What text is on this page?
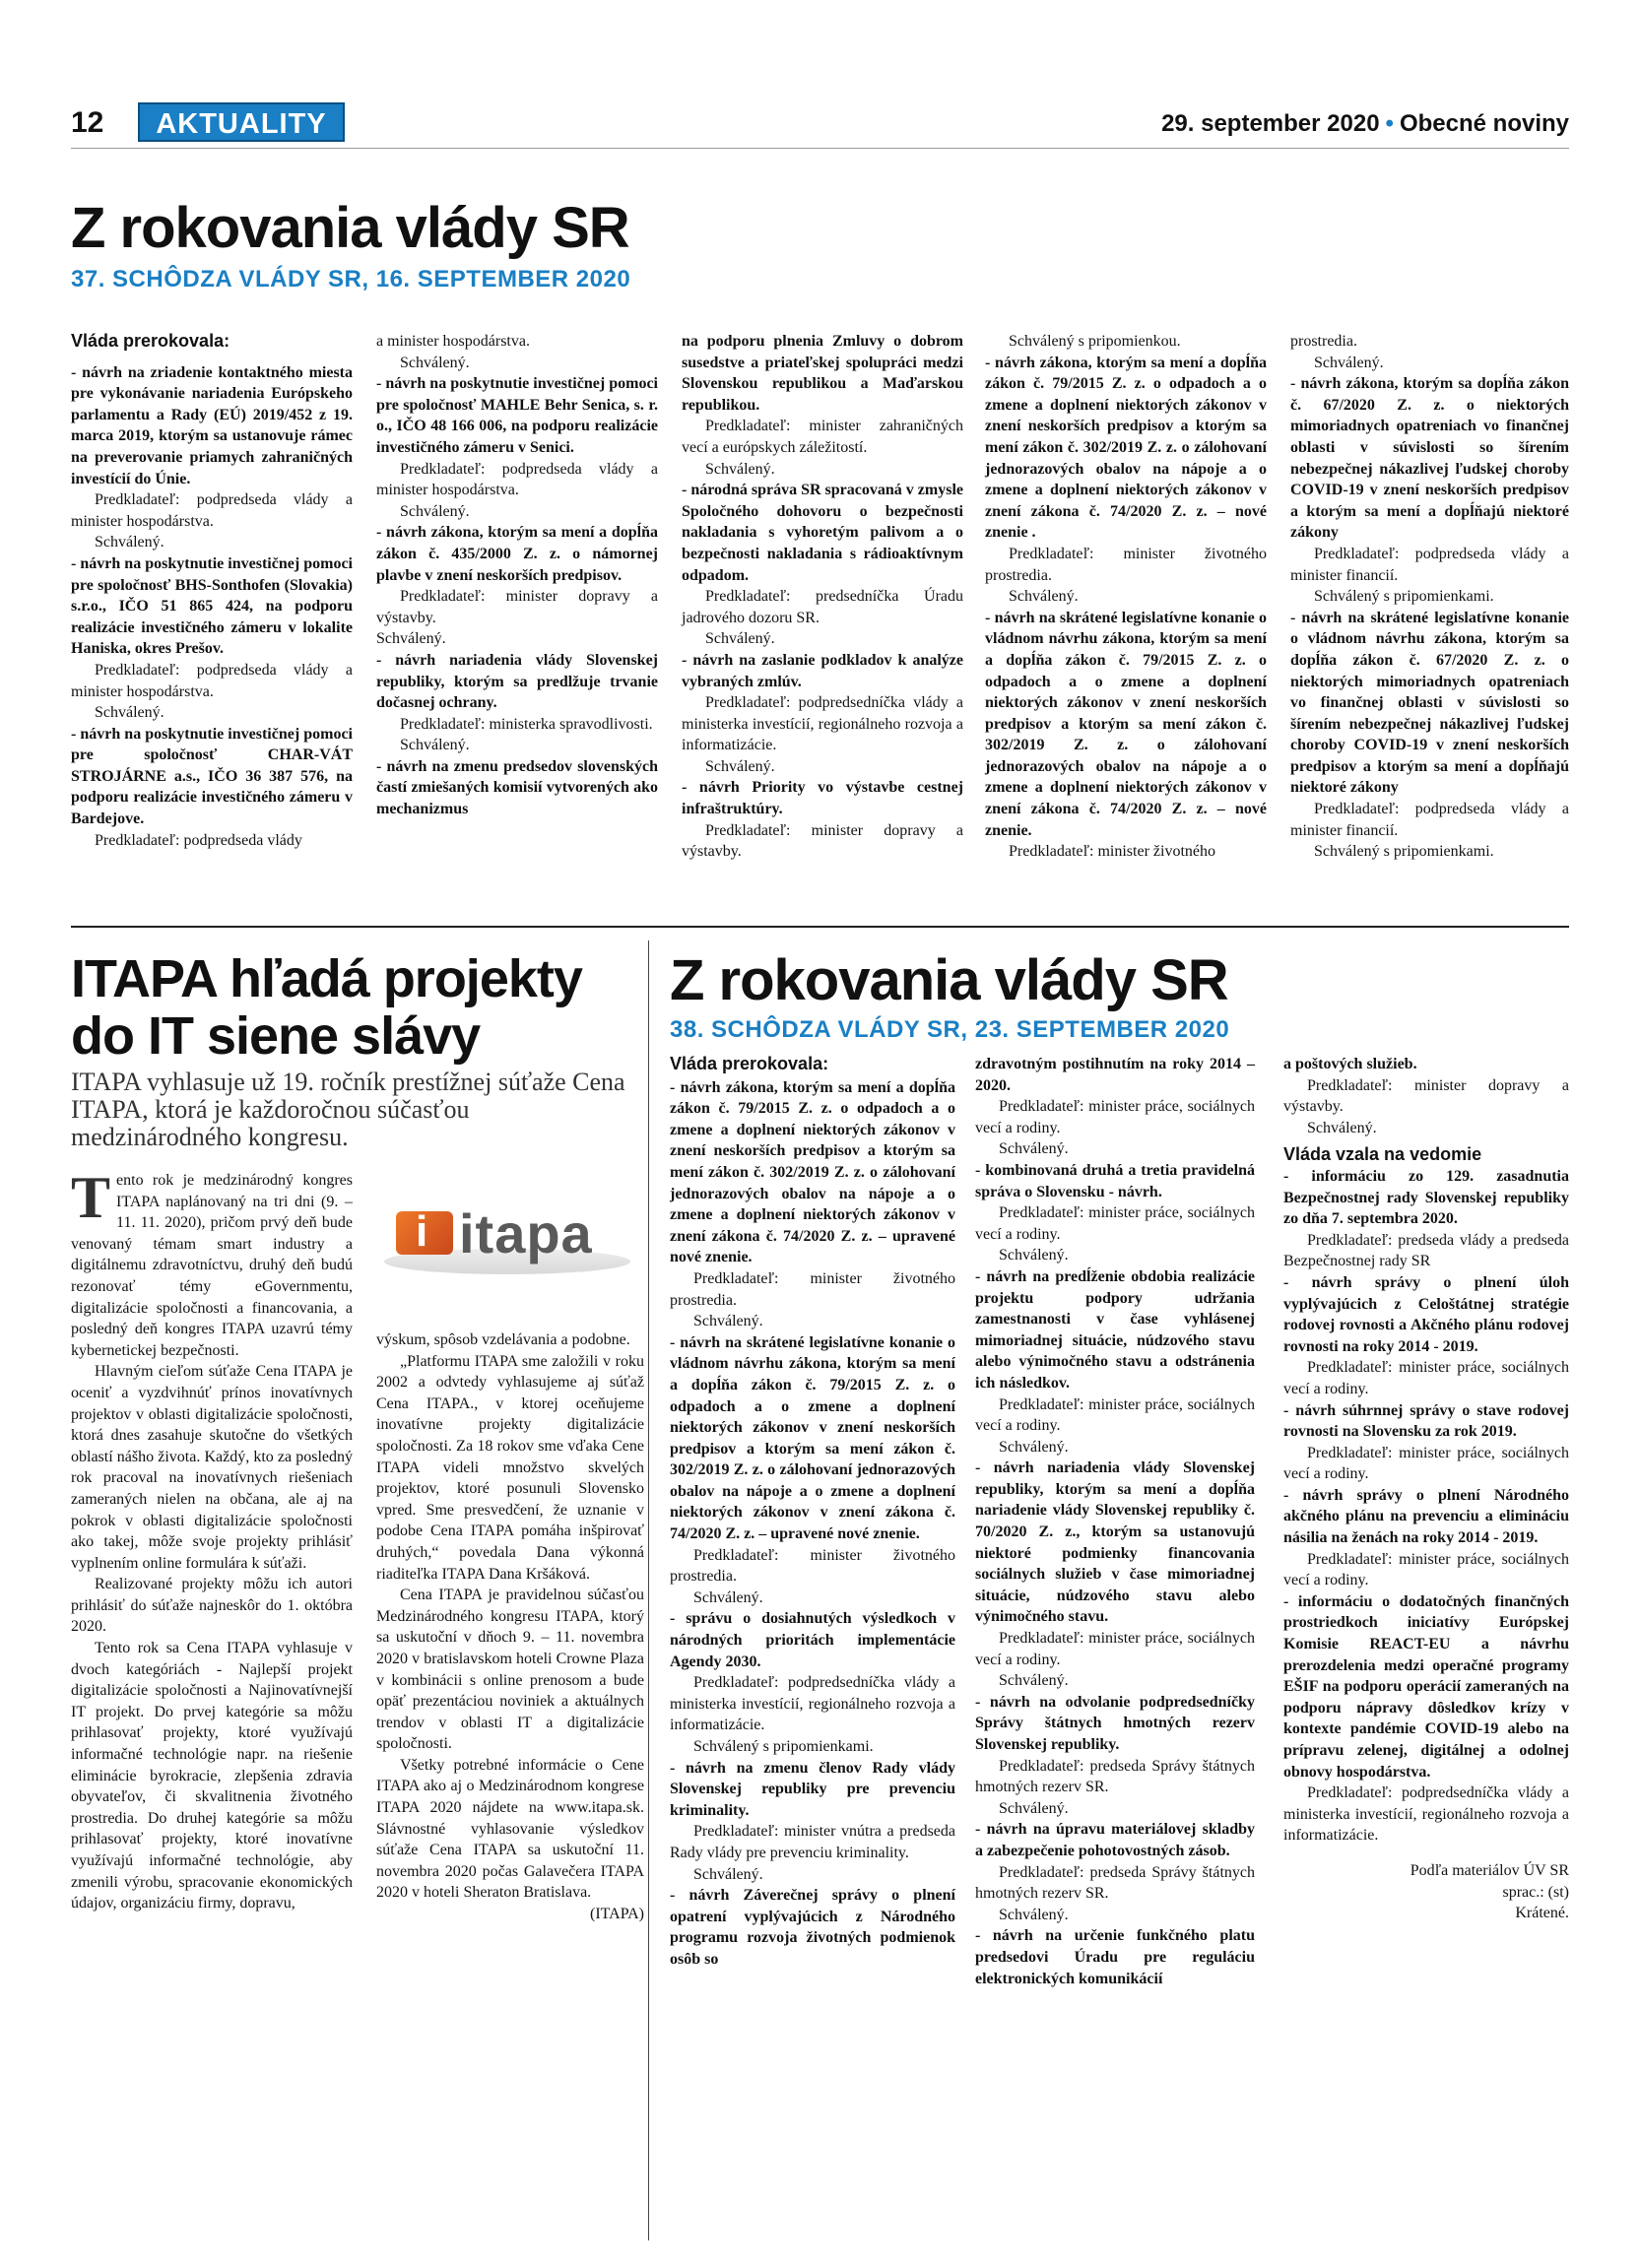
12	AKTUALITY	29. september 2020 • Obecné noviny
Z rokovania vlády SR
37. SCHÔDZA VLÁDY SR, 16. SEPTEMBER 2020

Vláda prerokovala:

- návrh na zriadenie kontaktného miesta pre vykonávanie nariadenia Európskeho parlamentu a Rady (EÚ) 2019/452 z 19. marca 2019, ktorým sa ustanovuje rámec na preverovanie priamych zahraničných investícií do Únie.

Predkladateľ: podpredseda vlády a minister hospodárstva.

Schválený.

- návrh na poskytnutie investičnej pomoci pre spoločnosť BHS-Sonthofen (Slovakia) s.r.o., IČO 51 865 424, na podporu realizácie investičného zámeru v lokalite Haniska, okres Prešov.

Predkladateľ: podpredseda vlády a minister hospodárstva.

Schválený.

- návrh na poskytnutie investičnej pomoci pre spoločnosť CHAR-VÁT STROJÁRNE a.s., IČO 36 387 576, na podporu realizácie investičného zámeru v Bardejove.

Predkladateľ: podpredseda vlády

a minister hospodárstva.

Schválený.

- návrh na poskytnutie investičnej pomoci pre spoločnosť MAHLE Behr Senica, s. r. o., IČO 48 166 006, na podporu realizácie investičného zámeru v Senici.

Predkladateľ: podpredseda vlády a minister hospodárstva.

Schválený.

- návrh zákona, ktorým sa mení a dopĺňa zákon č. 435/2000 Z. z. o námornej plavbe v znení neskorších predpisov.

Predkladateľ: minister dopravy a výstavby.

Schválený.

- návrh nariadenia vlády Slovenskej republiky, ktorým sa predlžuje trvanie dočasnej ochrany.

Predkladateľ: ministerka spravodlivosti.

Schválený.

- návrh na zmenu predsedov slovenských častí zmiešaných komisií vytvorených ako mechanizmus

na podporu plnenia Zmluvy o dobrom susedstve a priateľskej spolupráci medzi Slovenskou republikou a Maďarskou republikou.

Predkladateľ: minister zahraničných vecí a európskych záležitostí.

Schválený.

- národná správa SR spracovaná v zmysle Spoločného dohovoru o bezpečnosti nakladania s vyhoretým palivom a o bezpečnosti nakladania s rádioaktívnym odpadom.

Predkladateľ: predsedníčka Úradu jadrového dozoru SR.

Schválený.

- návrh na zaslanie podkladov k analýze vybraných zmlúv.

Predkladateľ: podpredsedníčka vlády a ministerka investícií, regionálneho rozvoja a informatizácie.

Schválený.

- návrh Priority vo výstavbe cestnej infraštruktúry.

Predkladateľ: minister dopravy a výstavby.

Schválený s pripomienkou.

- návrh zákona, ktorým sa mení a dopĺňa zákon č. 79/2015 Z. z. o odpadoch a o zmene a doplnení niektorých zákonov v znení neskorších predpisov a ktorým sa mení zákon č. 302/2019 Z. z. o zálohovaní jednorazových obalov na nápoje a o zmene a doplnení niektorých zákonov v znení zákona č. 74/2020 Z. z. – nové znenie .

Predkladateľ: minister životného prostredia.

Schválený.

- návrh na skrátené legislatívne konanie o vládnom návrhu zákona, ktorým sa mení a dopĺňa zákon č. 79/2015 Z. z. o odpadoch a o zmene a doplnení niektorých zákonov v znení neskorších predpisov a ktorým sa mení zákon č. 302/2019 Z. z. o zálohovaní jednorazových obalov na nápoje a o zmene a doplnení niektorých zákonov v znení zákona č. 74/2020 Z. z. – nové znenie.

Predkladateľ: minister životného

prostredia.

Schválený.

- návrh zákona, ktorým sa dopĺňa zákon č. 67/2020 Z. z. o niektorých mimoriadnych opatreniach vo finančnej oblasti v súvislosti so šírením nebezpečnej nákazlivej ľudskej choroby COVID-19 v znení neskorších predpisov a ktorým sa mení a dopĺňajú niektoré zákony

Predkladateľ: podpredseda vlády a minister financií.

Schválený s pripomienkami.

- návrh na skrátené legislatívne konanie o vládnom návrhu zákona, ktorým sa dopĺňa zákon č. 67/2020 Z. z. o niektorých mimoriadnych opatreniach vo finančnej oblasti v súvislosti so šírením nebezpečnej nákazlivej ľudskej choroby COVID-19 v znení neskorších predpisov a ktorým sa mení a dopĺňajú niektoré zákony

Predkladateľ: podpredseda vlády a minister financií.

Schválený s pripomienkami.

ITAPA hľadá projekty do IT siene slávy
ITAPA vyhlasuje už 19. ročník prestížnej súťaže Cena ITAPA, ktorá je každoročnou súčasťou medzinárodného kongresu.
i
itapa

Tento rok je medzinárodný kongres ITAPA naplánovaný na tri dni (9. – 11. 11. 2020), pričom prvý deň bude venovaný témam smart industry a digitálnemu zdravotníctvu, druhý deň budú rezonovať témy eGovernmentu, digitalizácie spoločnosti a financovania, a posledný deň kongres ITAPA uzavrú témy kybernetickej bezpečnosti.

Hlavným cieľom súťaže Cena ITAPA je oceniť a vyzdvihnúť prínos inovatívnych projektov v oblasti digitalizácie spoločnosti, ktorá dnes zasahuje skutočne do všetkých oblastí nášho života. Každý, kto za posledný rok pracoval na inovatívnych riešeniach zameraných nielen na občana, ale aj na pokrok v oblasti digitalizácie spoločnosti ako takej, môže svoje projekty prihlásiť vyplnením onlinе formulára k súťaži.

Realizované projekty môžu ich autori prihlásiť do súťaže najneskôr do 1. októbra 2020.

Tento rok sa Cena ITAPA vyhlasuje v dvoch kategóriách - Najlepší projekt digitalizácie spoločnosti a Najinovatívnejší IT projekt. Do prvej kategórie sa môžu prihlasovať projekty, ktoré využívajú informačné technológie napr. na riešenie eliminácie byrokracie, zlepšenia zdravia obyvateľov, či skvalitnenia životného prostredia. Do druhej kategórie sa môžu prihlasovať projekty, ktoré inovatívne využívajú informačné technológie, aby zmenili výrobu, spracovanie ekonomických údajov, organizáciu firmy, dopravu,

výskum, spôsob vzdelávania a podobne.

„Platformu ITAPA sme založili v roku 2002 a odvtedy vyhlasujeme aj súťaž Cena ITAPA., v ktorej oceňujeme inovatívne projekty digitalizácie spoločnosti. Za 18 rokov sme vďaka Cene ITAPA videli množstvo skvelých projektov, ktoré posunuli Slovensko vpred. Sme presvedčení, že uznanie v podobe Cena ITAPA pomáha inšpirovať druhých,“ povedala Dana výkonná riaditeľka ITAPA Dana Kršáková.

Cena ITAPA je pravidelnou súčasťou Medzinárodného kongresu ITAPA, ktorý sa uskutoční v dňoch 9. – 11. novembra 2020 v bratislavskom hoteli Crowne Plaza v kombinácii s online prenosom a bude opäť prezentáciou noviniek a aktuálnych trendov v oblasti IT a digitalizácie spoločnosti.

Všetky potrebné informácie o Cene ITAPA ako aj o Medzinárodnom kongrese ITAPA 2020 nájdete na www.itapa.sk. Slávnostné vyhlasovanie výsledkov súťaže Cena ITAPA sa uskutoční 11. novembra 2020 počas Galavečera ITAPA 2020 v hoteli Sheraton Bratislava.

(ITAPA)

Z rokovania vlády SR
38. SCHÔDZA VLÁDY SR, 23. SEPTEMBER 2020

Vláda prerokovala:

- návrh zákona, ktorým sa mení a dopĺňa zákon č. 79/2015 Z. z. o odpadoch a o zmene a doplnení niektorých zákonov v znení neskorších predpisov a ktorým sa mení zákon č. 302/2019 Z. z. o zálohovaní jednorazových obalov na nápoje a o zmene a doplnení niektorých zákonov v znení zákona č. 74/2020 Z. z. – upravené nové znenie.

Predkladateľ: minister životného prostredia.

Schválený.

- návrh na skrátené legislatívne konanie o vládnom návrhu zákona, ktorým sa mení a dopĺňa zákon č. 79/2015 Z. z. o odpadoch a o zmene a doplnení niektorých zákonov v znení neskorších predpisov a ktorým sa mení zákon č. 302/2019 Z. z. o zálohovaní jednorazových obalov na nápoje a o zmene a doplnení niektorých zákonov v znení zákona č. 74/2020 Z. z. – upravené nové znenie.

Predkladateľ: minister životného prostredia.

Schválený.

- správu o dosiahnutých výsledkoch v národných prioritách implementácie Agendy 2030.

Predkladateľ: podpredsedníčka vlády a ministerka investícií, regionálneho rozvoja a informatizácie.

Schválený s pripomienkami.

- návrh na zmenu členov Rady vlády Slovenskej republiky pre prevenciu kriminality.

Predkladateľ: minister vnútra a predseda Rady vlády pre prevenciu kriminality.

Schválený.

- návrh Záverečnej správy o plnení opatrení vyplývajúcich z Národného programu rozvoja životných podmienok osôb so

zdravotným postihnutím na roky 2014 – 2020.

Predkladateľ: minister práce, sociálnych vecí a rodiny.

Schválený.

- kombinovaná druhá a tretia pravidelná správa o Slovensku - návrh.

Predkladateľ: minister práce, sociálnych vecí a rodiny.

Schválený.

- návrh na predĺženie obdobia realizácie projektu podpory udržania zamestnanosti v čase vyhlásenej mimoriadnej situácie, núdzového stavu alebo výnimočného stavu a odstránenia ich následkov.

Predkladateľ: minister práce, sociálnych vecí a rodiny.

Schválený.

- návrh nariadenia vlády Slovenskej republiky, ktorým sa mení a dopĺňa nariadenie vlády Slovenskej republiky č. 70/2020 Z. z., ktorým sa ustanovujú niektoré podmienky financovania sociálnych služieb v čase mimoriadnej situácie, núdzového stavu alebo výnimočného stavu.

Predkladateľ: minister práce, sociálnych vecí a rodiny.

Schválený.

- návrh na odvolanie podpredsedníčky Správy štátnych hmotných rezerv Slovenskej republiky.

Predkladateľ: predseda Správy štátnych hmotných rezerv SR.

Schválený.

- návrh na úpravu materiálovej skladby a zabezpečenie pohotovostných zásob.

Predkladateľ: predseda Správy štátnych hmotných rezerv SR.

Schválený.

- návrh na určenie funkčného platu predsedovi Úradu pre reguláciu elektronických komunikácií

a poštových služieb.

Predkladateľ: minister dopravy a výstavby.

Schválený.

Vláda vzala na vedomie

- informáciu zo 129. zasadnutia Bezpečnostnej rady Slovenskej republiky zo dňa 7. septembra 2020.

Predkladateľ: predseda vlády a predseda Bezpečnostnej rady SR

- návrh správy o plnení úloh vyplývajúcich z Celoštátnej stratégie rodovej rovnosti a Akčného plánu rodovej rovnosti na roky 2014 - 2019.

Predkladateľ: minister práce, sociálnych vecí a rodiny.

- návrh súhrnnej správy o stave rodovej rovnosti na Slovensku za rok 2019.

Predkladateľ: minister práce, sociálnych vecí a rodiny.

- návrh správy o plnení Národného akčného plánu na prevenciu a elimináciu násilia na ženách na roky 2014 - 2019.

Predkladateľ: minister práce, sociálnych vecí a rodiny.

- informáciu o dodatočných finančných prostriedkoch iniciatívy Európskej Komisie REACT-EU a návrhu prerozdelenia medzi operačné programy EŠIF na podporu operácií zameraných na podporu nápravy dôsledkov krízy v kontexte pandémie COVID-19 alebo na prípravu zelenej, digitálnej a odolnej obnovy hospodárstva.

Predkladateľ: podpredsedníčka vlády a ministerka investícií, regionálneho rozvoja a informatizácie.

Podľa materiálov ÚV SR

sprac.: (st)

Krátené.
